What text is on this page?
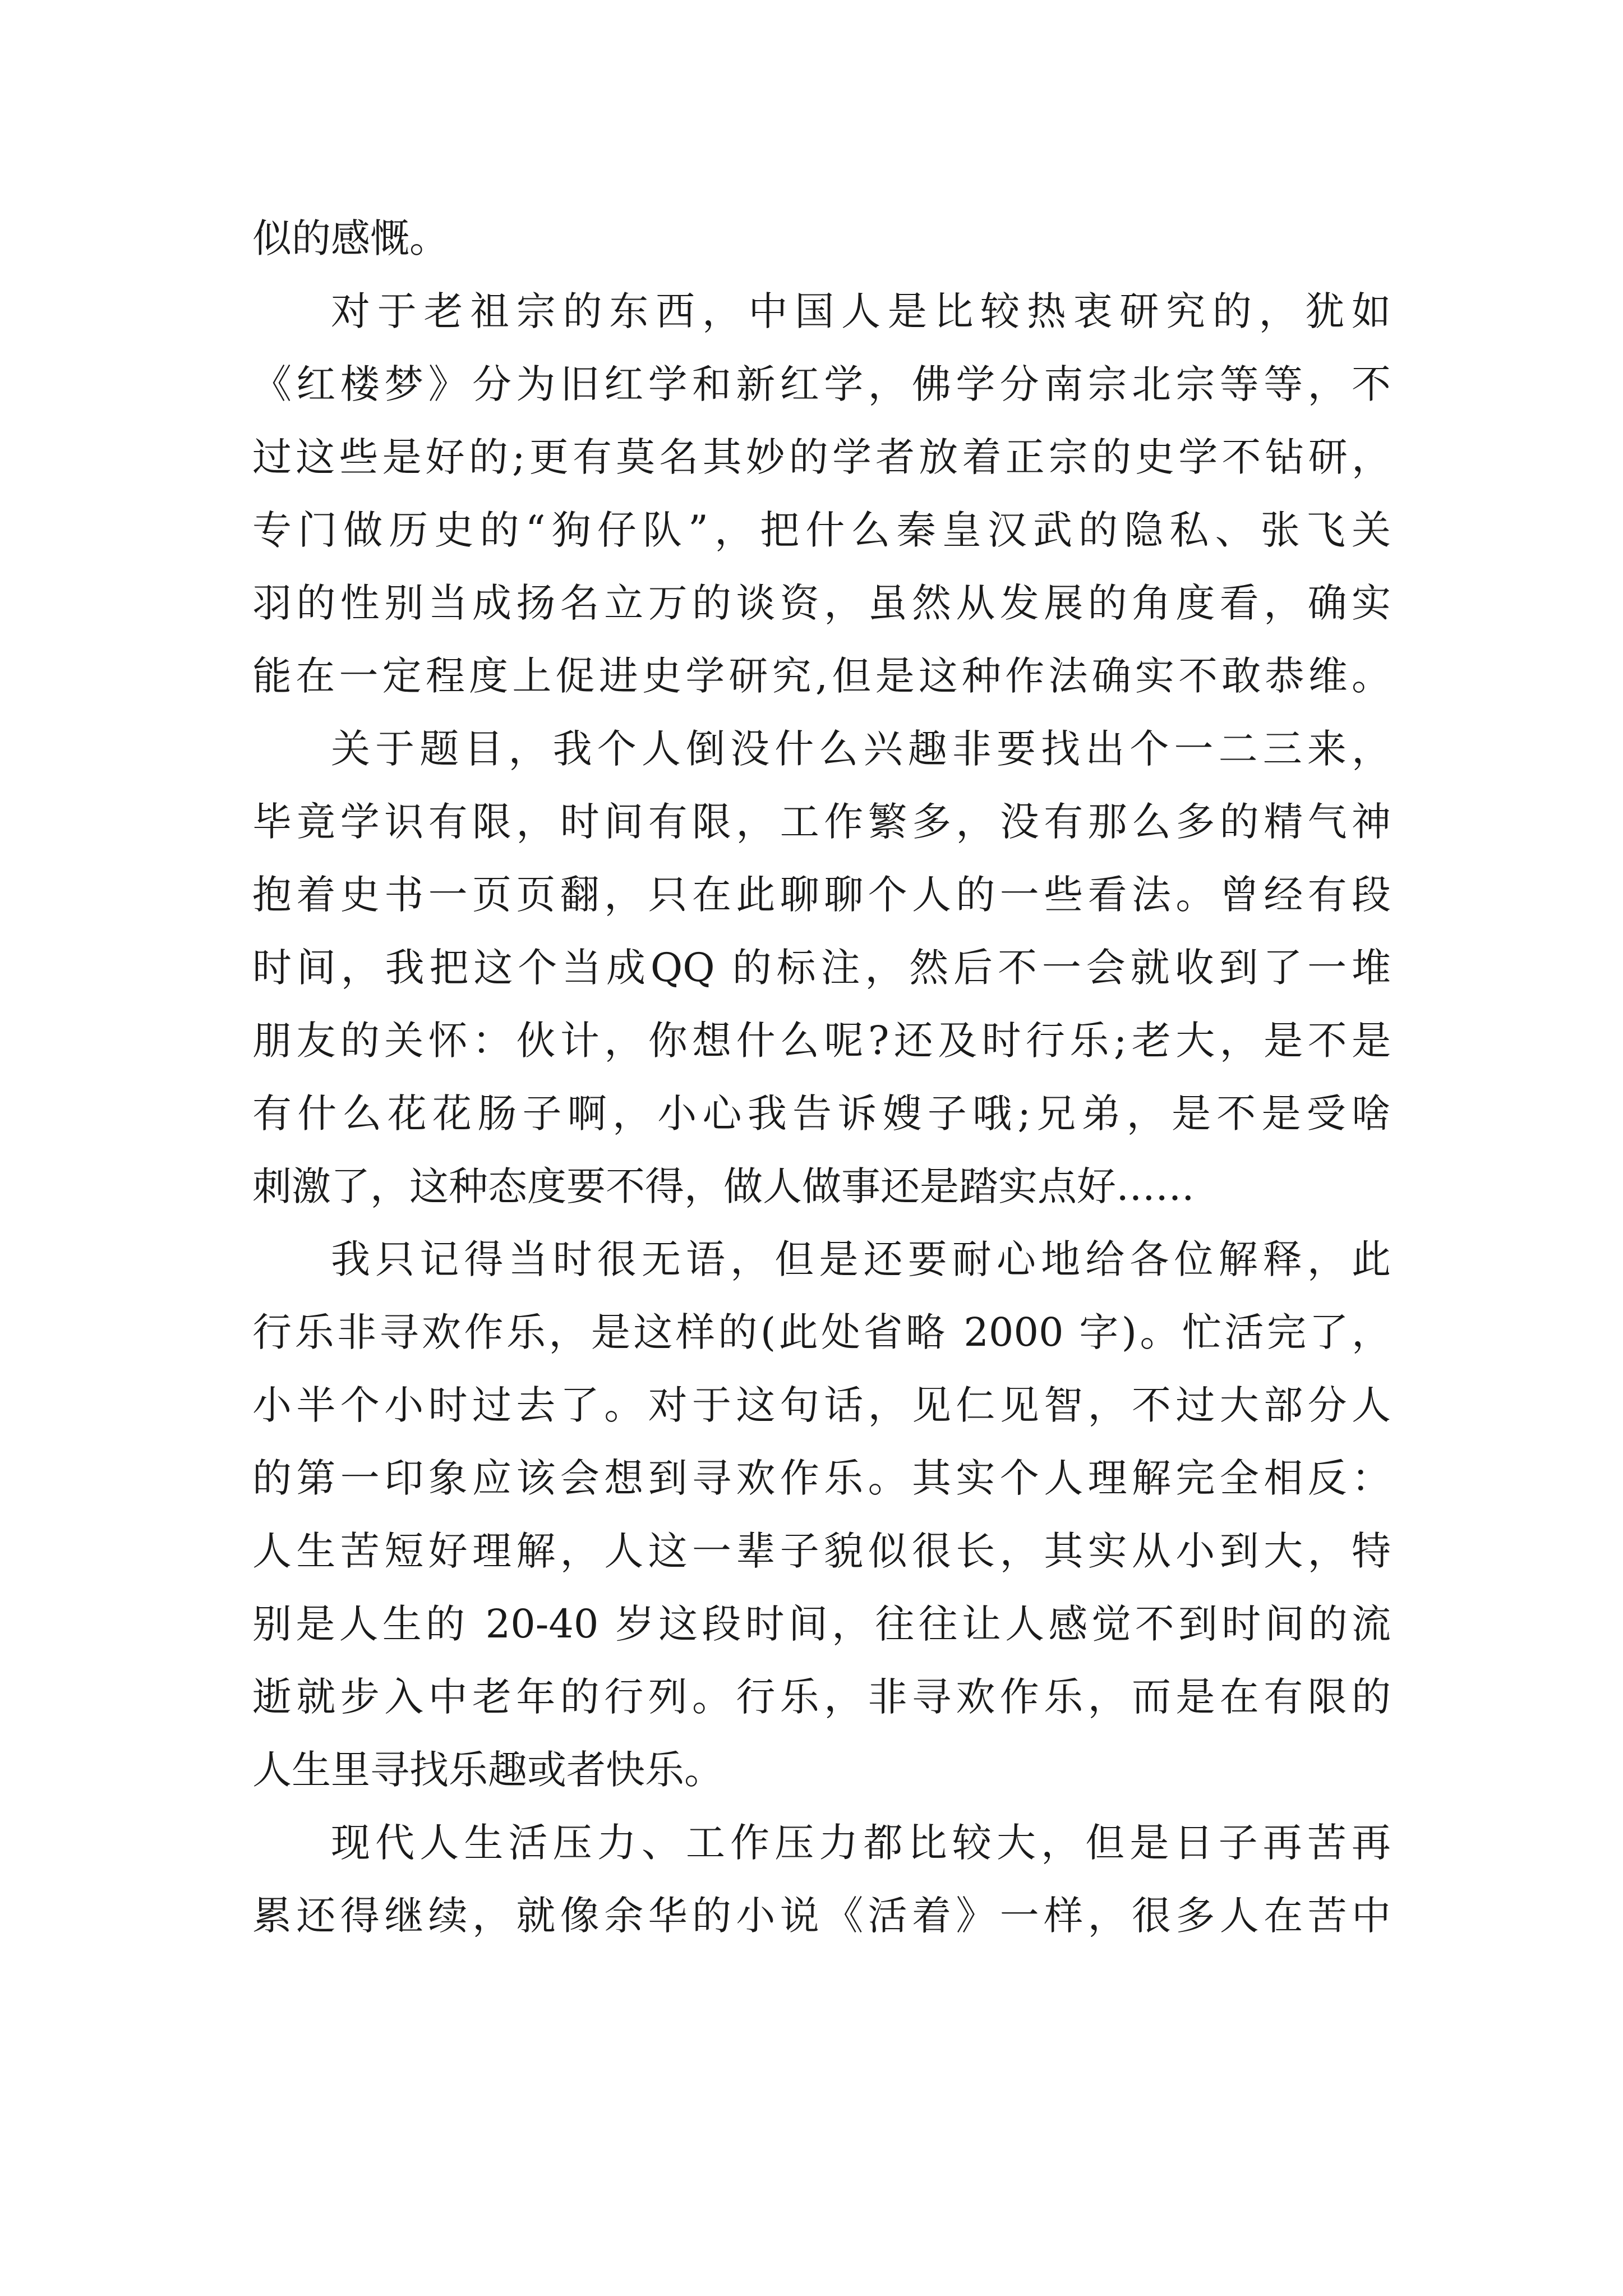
似的感慨。
对于老祖宗的东西，中国人是比较热衷研究的，犹如
《红楼梦》分为旧红学和新红学，佛学分南宗北宗等等，不
过这些是好的;更有莫名其妙的学者放着正宗的史学不钻研，
专门做历史的“狗仔队”，把什么秦皇汉武的隐私、张飞关
羽的性别当成扬名立万的谈资，虽然从发展的角度看，确实
能在一定程度上促进史学研究,但是这种作法确实不敢恭维。
关于题目，我个人倒没什么兴趣非要找出个一二三来，
毕竟学识有限，时间有限，工作繁多，没有那么多的精气神
抱着史书一页页翻，只在此聊聊个人的一些看法。曾经有段
时间，我把这个当成QQ 的标注，然后不一会就收到了一堆
朋友的关怀：伙计，你想什么呢?还及时行乐;老大，是不是
有什么花花肠子啊，小心我告诉嫂子哦;兄弟，是不是受啥
刺激了，这种态度要不得，做人做事还是踏实点好……
我只记得当时很无语，但是还要耐心地给各位解释，此
行乐非寻欢作乐，是这样的(此处省略 2000 字)。忙活完了，
小半个小时过去了。对于这句话，见仁见智，不过大部分人
的第一印象应该会想到寻欢作乐。其实个人理解完全相反：
人生苦短好理解，人这一辈子貌似很长，其实从小到大，特
别是人生的 20-40 岁这段时间，往往让人感觉不到时间的流
逝就步入中老年的行列。行乐，非寻欢作乐，而是在有限的
人生里寻找乐趣或者快乐。
现代人生活压力、工作压力都比较大，但是日子再苦再
累还得继续，就像余华的小说《活着》一样，很多人在苦中
